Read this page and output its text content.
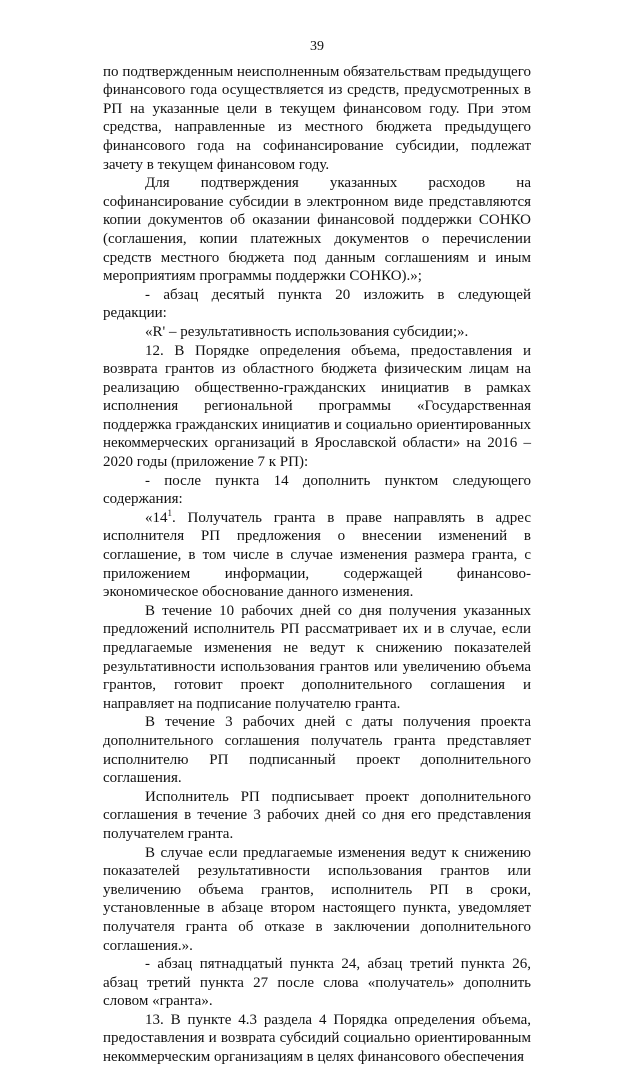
39

по подтвержденным неисполненным обязательствам предыдущего финансового года осуществляется из средств, предусмотренных в РП на указанные цели в текущем финансовом году. При этом средства, направленные из местного бюджета предыдущего финансового года на софинансирование субсидии, подлежат зачету в текущем финансовом году.

Для подтверждения указанных расходов на софинансирование субсидии в электронном виде представляются копии документов об оказании финансовой поддержки СОНКО (соглашения, копии платежных документов о перечислении средств местного бюджета под данным соглашениям и иным мероприятиям программы поддержки СОНКО).»;

- абзац десятый пункта 20 изложить в следующей редакции:

«R' – результативность использования субсидии;».

12. В Порядке определения объема, предоставления и возврата грантов из областного бюджета физическим лицам на реализацию общественно-гражданских инициатив в рамках исполнения региональной программы «Государственная поддержка гражданских инициатив и социально ориентированных некоммерческих организаций в Ярославской области» на 2016 – 2020 годы (приложение 7 к РП):

- после пункта 14 дополнить пунктом следующего содержания:

«$14^1$. Получатель гранта в праве направлять в адрес исполнителя РП предложения о внесении изменений в соглашение, в том числе в случае изменения размера гранта, с приложением информации, содержащей финансово-экономическое обоснование данного изменения.

В течение 10 рабочих дней со дня получения указанных предложений исполнитель РП рассматривает их и в случае, если предлагаемые изменения не ведут к снижению показателей результативности использования грантов или увеличению объема грантов, готовит проект дополнительного соглашения и направляет на подписание получателю гранта.

В течение 3 рабочих дней с даты получения проекта дополнительного соглашения получатель гранта представляет исполнителю РП подписанный проект дополнительного соглашения.

Исполнитель РП подписывает проект дополнительного соглашения в течение 3 рабочих дней со дня его представления получателем гранта.

В случае если предлагаемые изменения ведут к снижению показателей результативности использования грантов или увеличению объема грантов, исполнитель РП в сроки, установленные в абзаце втором настоящего пункта, уведомляет получателя гранта об отказе в заключении дополнительного соглашения.».

- абзац пятнадцатый пункта 24, абзац третий пункта 26, абзац третий пункта 27 после слова «получатель» дополнить словом «гранта».

13. В пункте 4.3 раздела 4 Порядка определения объема, предоставления и возврата субсидий социально ориентированным некоммерческим организациям в целях финансового обеспечения
